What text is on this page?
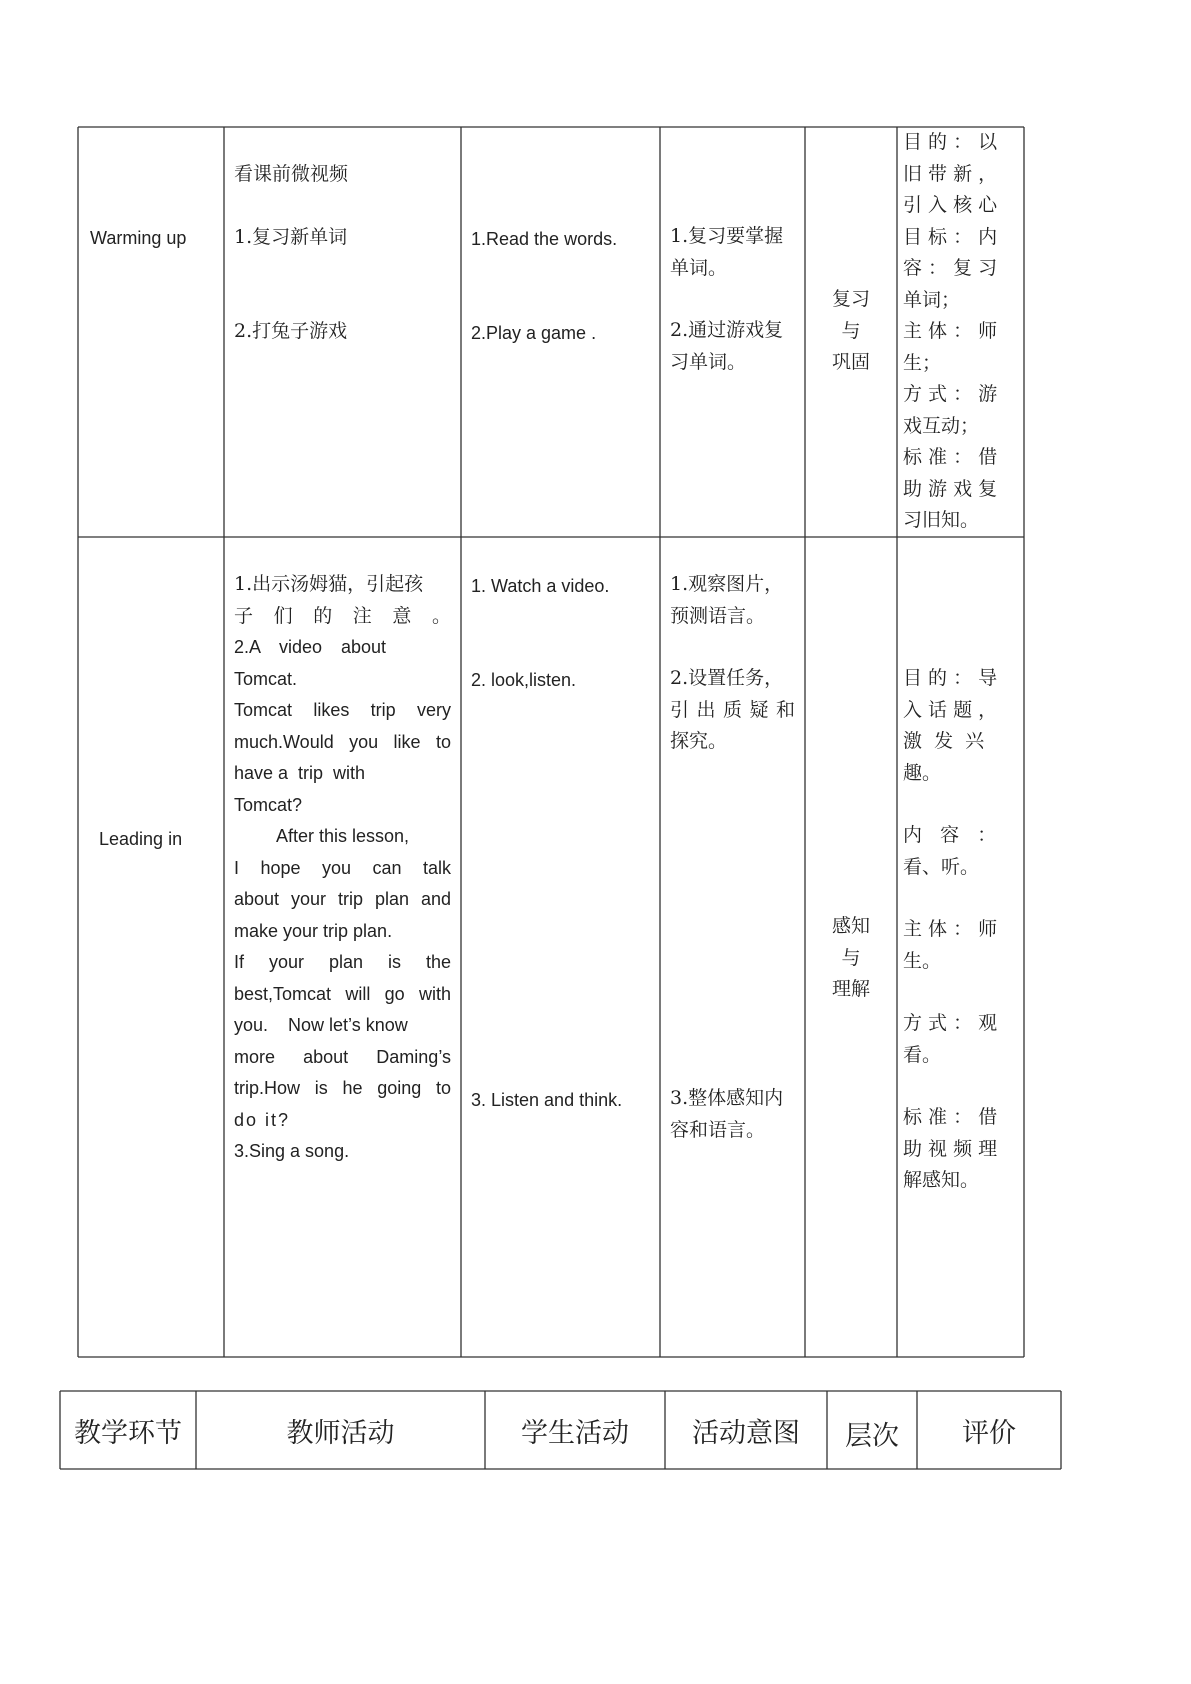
Warming up
看课前微视频
1.复习新单词
2.打兔子游戏
1.Read the words.
2.Play a game .
1.复习要掌握
单词。
2.通过游戏复
习单词。
复习
与
巩固
目 的 ： 以
旧 带 新 ，
引 入 核 心
目 标 ： 内
容 ： 复 习
单词；
主 体 ： 师
生；
方 式 ： 游
戏互动；
标 准 ： 借
助 游 戏 复
习旧知。
Leading in
1.出示汤姆猫，引起孩
子 们 的 注 意 。
2.A video about
Tomcat.
Tomcat likes trip very
much.Would you like to
have a  trip  with
Tomcat?
After this lesson,
I hope you can talk
about your trip plan and
make your trip plan.
If your plan is the
best,Tomcat will go with
you.    Now let’s know
more about Daming’s
trip.How is he going to
do it?
3.Sing a song.
1. Watch a video.
2. look,listen.
3. Listen and think.
1.观察图片，
预测语言。
2.设置任务，
引 出 质 疑 和
探究。
3.整体感知内
容和语言。
感知
与
理解
目 的 ： 导
入 话 题 ，
激  发  兴
趣。
内   容   ：
看、听。
主 体 ： 师
生。
方 式 ： 观
看。
标 准 ： 借
助 视 频 理
解感知。
教学环节	教师活动	学生活动 活动意图 层次 评价
